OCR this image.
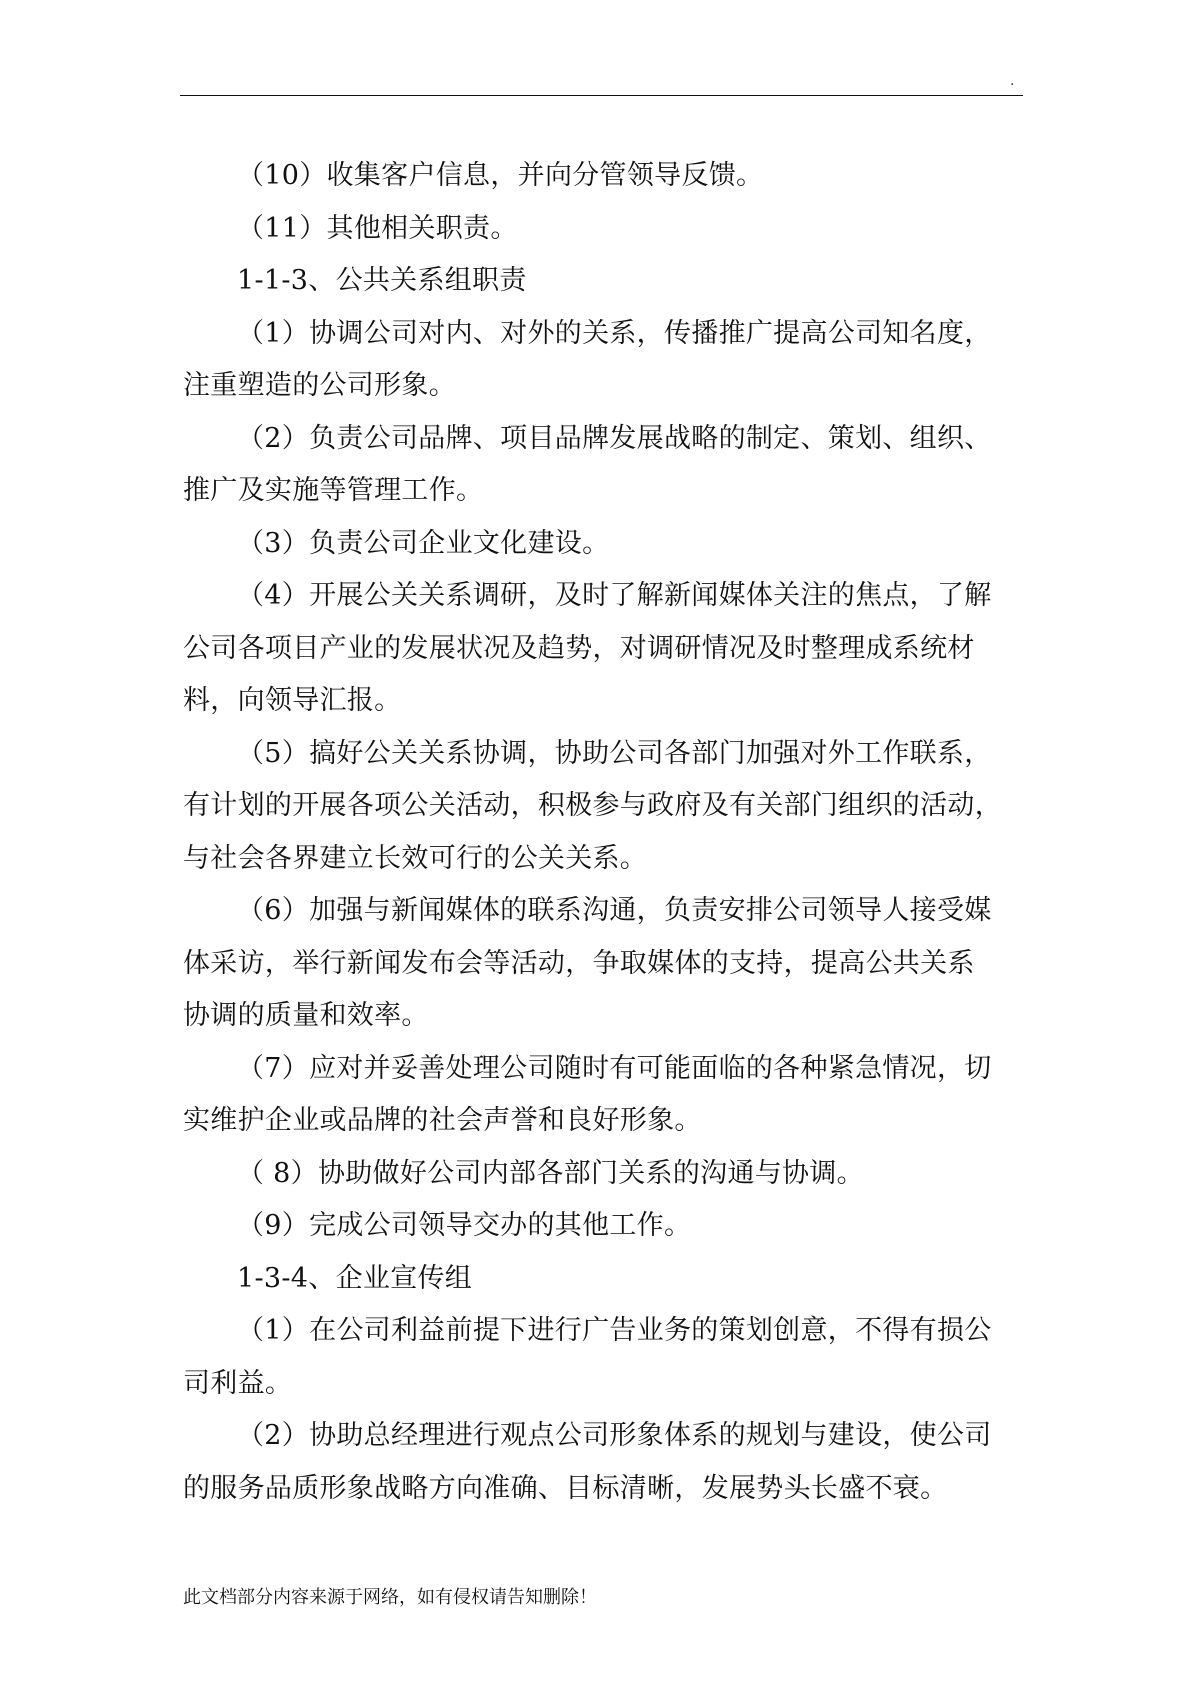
.
（10）收集客户信息，并向分管领导反馈。
（11）其他相关职责。
1-1-3、公共关系组职责
（1）协调公司对内、对外的关系，传播推广提高公司知名度，
注重塑造的公司形象。
（2）负责公司品牌、项目品牌发展战略的制定、策划、组织、
推广及实施等管理工作。
（3）负责公司企业文化建设。
（4）开展公关关系调研，及时了解新闻媒体关注的焦点，了解
公司各项目产业的发展状况及趋势，对调研情况及时整理成系统材
料，向领导汇报。
（5）搞好公关关系协调，协助公司各部门加强对外工作联系，
有计划的开展各项公关活动，积极参与政府及有关部门组织的活动，
与社会各界建立长效可行的公关关系。
（6）加强与新闻媒体的联系沟通，负责安排公司领导人接受媒
体采访，举行新闻发布会等活动，争取媒体的支持，提高公共关系
协调的质量和效率。
（7）应对并妥善处理公司随时有可能面临的各种紧急情况，切
实维护企业或品牌的社会声誉和良好形象。
（ 8）协助做好公司内部各部门关系的沟通与协调。
（9）完成公司领导交办的其他工作。
1-3-4、企业宣传组
（1）在公司利益前提下进行广告业务的策划创意，不得有损公
司利益。
（2）协助总经理进行观点公司形象体系的规划与建设，使公司
的服务品质形象战略方向准确、目标清晰，发展势头长盛不衰。
此文档部分内容来源于网络，如有侵权请告知删除！
